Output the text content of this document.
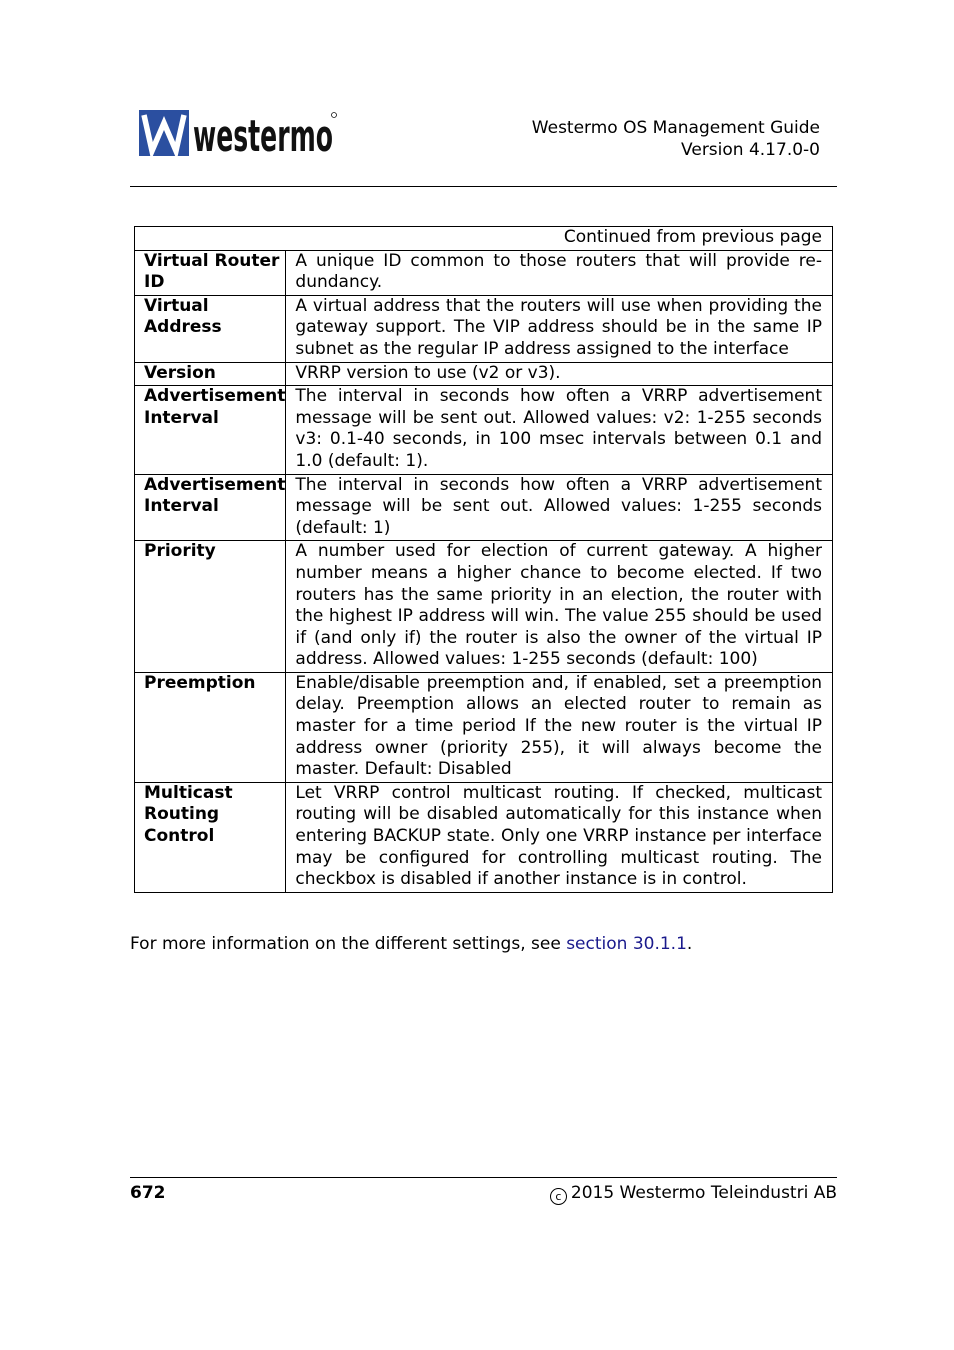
westermo	Westermo OS Management Guide
Version 4.17.0-0
Continued from previous page	
Virtual Router ID	A unique ID common to those routers that will provide redundancy.
Virtual Address	A virtual address that the routers will use when providing the gateway support. The VIP address should be in the same IP subnet as the regular IP address assigned to the interface
Version	VRRP version to use (v2 or v3).
Advertisement Interval	The interval in seconds how often a VRRP advertisement message will be sent out. Allowed values: v2: 1-255 seconds v3: 0.1-40 seconds, in 100 msec intervals between 0.1 and 1.0 (default: 1).
Advertisement Interval	The interval in seconds how often a VRRP advertisement message will be sent out. Allowed values: 1-255 seconds (default: 1)
Priority	A number used for election of current gateway. A higher number means a higher chance to become elected. If two routers has the same priority in an election, the router with the highest IP address will win. The value 255 should be used if (and only if) the router is also the owner of the virtual IP address. Allowed values: 1-255 seconds (default: 100)
Preemption	Enable/disable preemption and, if enabled, set a preemption delay. Preemption allows an elected router to remain as master for a time period If the new router is the virtual IP address owner (priority 255), it will always become the master. Default: Disabled
Multicast Routing Control	Let VRRP control multicast routing. If checked, multicast routing will be disabled automatically for this instance when entering BACKUP state. Only one VRRP instance per interface may be configured for controlling multicast routing. The checkbox is disabled if another instance is in control.
For more information on the different settings, see section 30.1.1.
672	c 2015 Westermo Teleindustri AB
